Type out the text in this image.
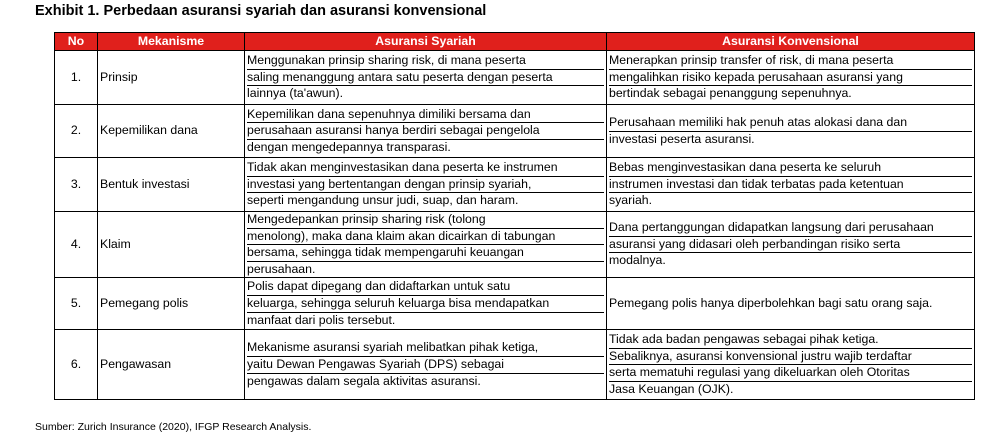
Exhibit 1. Perbedaan asuransi syariah dan asuransi konvensional
No	Mekanisme	Asuransi Syariah	Asuransi Konvensional
1.	Prinsip	Menggunakan prinsip sharing risk, di mana peserta
saling menanggung antara satu peserta dengan peserta
lainnya (ta'awun).	Menerapkan prinsip transfer of risk, di mana peserta
mengalihkan risiko kepada perusahaan asuransi yang
bertindak sebagai penanggung sepenuhnya.

2.	Kepemilikan dana	Kepemilikan dana sepenuhnya dimiliki bersama dan
perusahaan asuransi hanya berdiri sebagai pengelola
dengan mengedepannya transparasi.	Perusahaan memiliki hak penuh atas alokasi dana dan
investasi peserta asuransi.

3.	Bentuk investasi	Tidak akan menginvestasikan dana peserta ke instrumen
investasi yang bertentangan dengan prinsip syariah,
seperti mengandung unsur judi, suap, dan haram.	Bebas menginvestasikan dana peserta ke seluruh
instrumen investasi dan tidak terbatas pada ketentuan
syariah.

4.	Klaim	Mengedepankan prinsip sharing risk (tolong
menolong), maka dana klaim akan dicairkan di tabungan
bersama, sehingga tidak mempengaruhi keuangan
perusahaan.	Dana pertanggungan didapatkan langsung dari perusahaan
asuransi yang didasari oleh perbandingan risiko serta
modalnya.

5.	Pemegang polis	Polis dapat dipegang dan didaftarkan untuk satu
keluarga, sehingga seluruh keluarga bisa mendapatkan
manfaat dari polis tersebut.	Pemegang polis hanya diperbolehkan bagi satu orang saja.

6.	Pengawasan	Mekanisme asuransi syariah melibatkan pihak ketiga,
yaitu Dewan Pengawas Syariah (DPS) sebagai
pengawas dalam segala aktivitas asuransi.	Tidak ada badan pengawas sebagai pihak ketiga.
Sebaliknya, asuransi konvensional justru wajib terdaftar
serta mematuhi regulasi yang dikeluarkan oleh Otoritas
Jasa Keuangan (OJK).
Sumber: Zurich Insurance (2020), IFGP Research Analysis.
